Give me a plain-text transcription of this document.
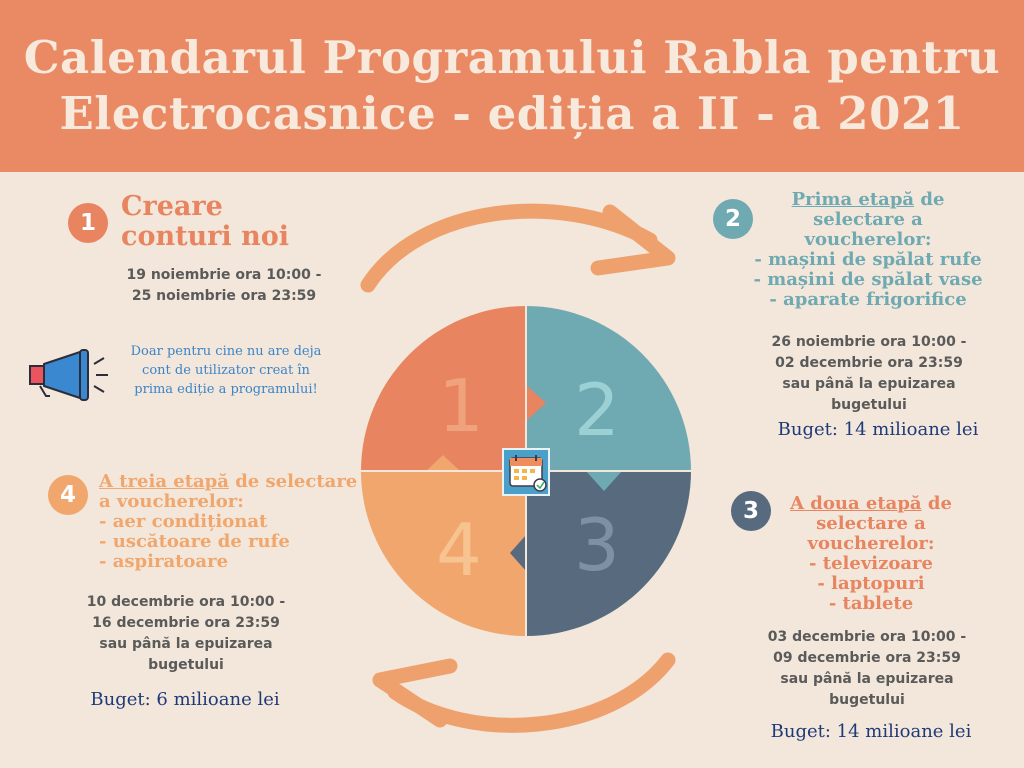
Calendarul Programului Rabla pentru
Electrocasnice - ediția a II - a 2021
1 2
3
4
1
Creare
conturi noi
19 noiembrie ora 10:00 -
25 noiembrie ora 23:59
Doar pentru cine nu are deja
cont de utilizator creat în
prima ediție a programului!
2
Prima etapă de
selectare a
voucherelor:
- mașini de spălat rufe
- mașini de spălat vase
- aparate frigorifice
26 noiembrie ora 10:00 -
02 decembrie ora 23:59
sau până la epuizarea
bugetului
Buget: 14 milioane lei
3	A doua etapă de
selectare a
voucherelor:
- televizoare
- laptopuri
- tablete
03 decembrie ora 10:00 -
09 decembrie ora 23:59
sau până la epuizarea
bugetului
Buget: 14 milioane lei
4
A treia etapă de selectare
a voucherelor:
- aer condiționat
- uscătoare de rufe
- aspiratoare
10 decembrie ora 10:00 -
16 decembrie ora 23:59
sau până la epuizarea
bugetului
Buget: 6 milioane lei
